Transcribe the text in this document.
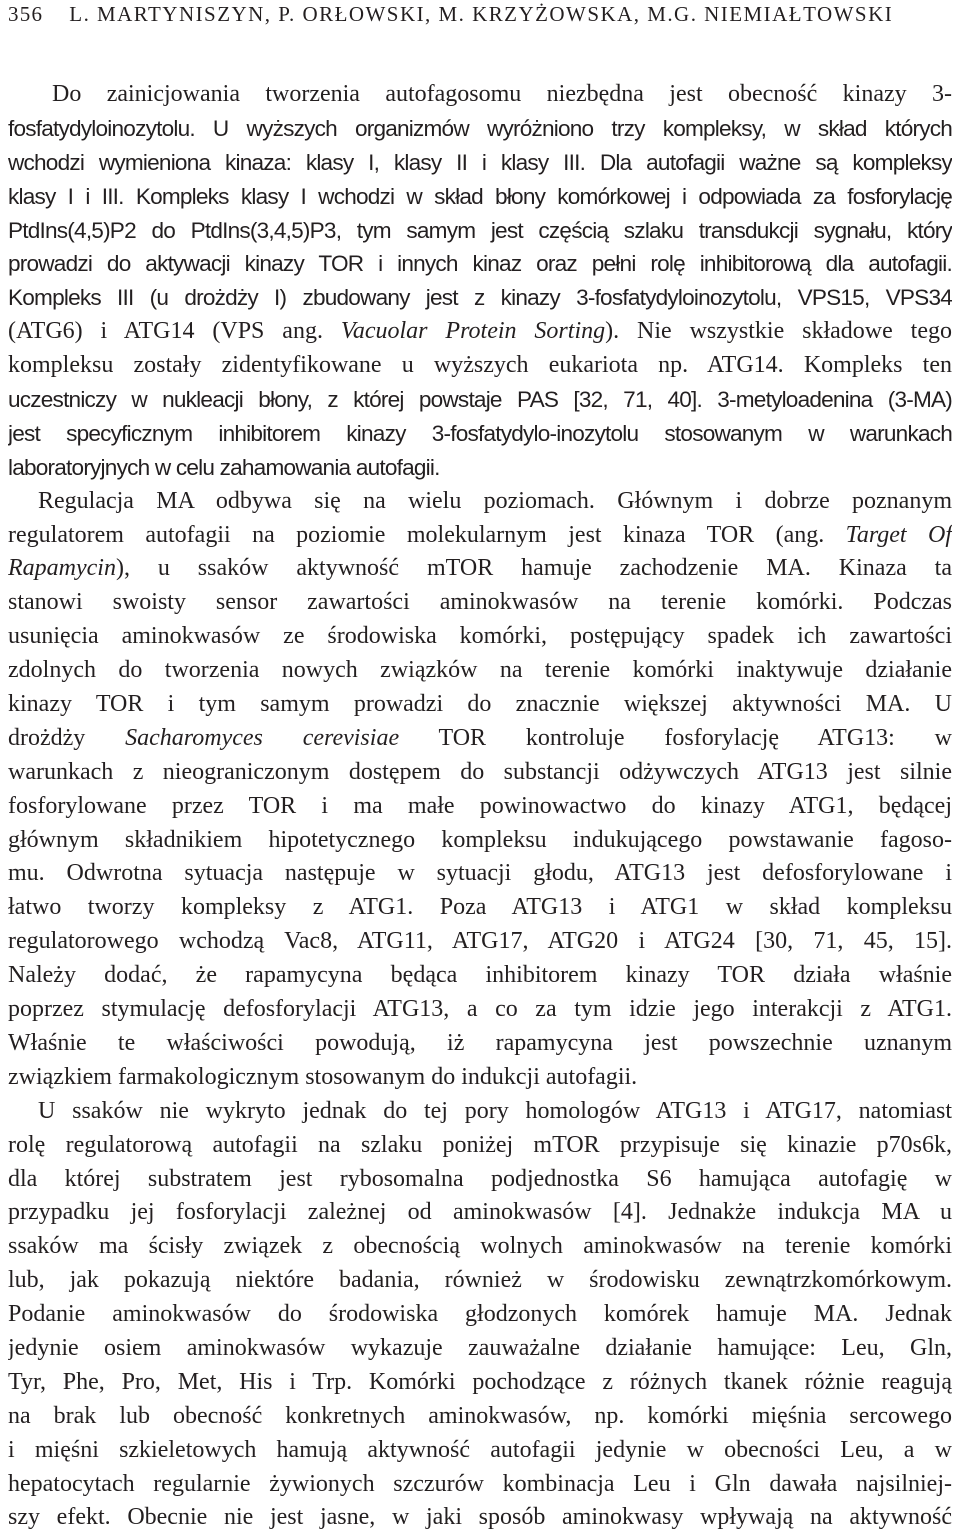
356 L. MARTYNISZYN, P. ORŁOWSKI, M. KRZYŻOWSKA, M.G. NIEMIAŁTOWSKI
Do zainicjowania tworzenia autofagosomu niezbędna jest obecność kinazy 3-
fosfatydyloinozytolu. U wyższych organizmów wyróżniono trzy kompleksy, w skład których
wchodzi wymieniona kinaza: klasy I, klasy II i klasy III. Dla autofagii ważne są kompleksy
klasy I i III. Kompleks klasy I wchodzi w skład błony komórkowej i odpowiada za fosforylację
PtdIns(4,5)P2 do PtdIns(3,4,5)P3, tym samym jest częścią szlaku transdukcji sygnału, który
prowadzi do aktywacji kinazy TOR i innych kinaz oraz pełni rolę inhibitorową dla autofagii.
Kompleks III (u drożdży I) zbudowany jest z kinazy 3-fosfatydyloinozytolu, VPS15, VPS34
(ATG6) i ATG14 (VPS ang. Vacuolar Protein Sorting). Nie wszystkie składowe tego
kompleksu zostały zidentyfikowane u wyższych eukariota np. ATG14. Kompleks ten
uczestniczy w nukleacji błony, z której powstaje PAS [32, 71, 40]. 3-metyloadenina (3-MA)
jest specyficznym inhibitorem kinazy 3-fosfatydylo-inozytolu stosowanym w warunkach
laboratoryjnych w celu zahamowania autofagii.
Regulacja MA odbywa się na wielu poziomach. Głównym i dobrze poznanym
regulatorem autofagii na poziomie molekularnym jest kinaza TOR (ang. Target Of
Rapamycin), u ssaków aktywność mTOR hamuje zachodzenie MA. Kinaza ta
stanowi swoisty sensor zawartości aminokwasów na terenie komórki. Podczas
usunięcia aminokwasów ze środowiska komórki, postępujący spadek ich zawartości
zdolnych do tworzenia nowych związków na terenie komórki inaktywuje działanie
kinazy TOR i tym samym prowadzi do znacznie większej aktywności MA. U
drożdży Sacharomyces cerevisiae TOR kontroluje fosforylację ATG13: w
warunkach z nieograniczonym dostępem do substancji odżywczych ATG13 jest silnie
fosforylowane przez TOR i ma małe powinowactwo do kinazy ATG1, będącej
głównym składnikiem hipotetycznego kompleksu indukującego powstawanie fagoso-
mu. Odwrotna sytuacja następuje w sytuacji głodu, ATG13 jest defosforylowane i
łatwo tworzy kompleksy z ATG1. Poza ATG13 i ATG1 w skład kompleksu
regulatorowego wchodzą Vac8, ATG11, ATG17, ATG20 i ATG24 [30, 71, 45, 15].
Należy dodać, że rapamycyna będąca inhibitorem kinazy TOR działa właśnie
poprzez stymulację defosforylacji ATG13, a co za tym idzie jego interakcji z ATG1.
Właśnie te właściwości powodują, iż rapamycyna jest powszechnie uznanym
związkiem farmakologicznym stosowanym do indukcji autofagii.
U ssaków nie wykryto jednak do tej pory homologów ATG13 i ATG17, natomiast
rolę regulatorową autofagii na szlaku poniżej mTOR przypisuje się kinazie p70s6k,
dla której substratem jest rybosomalna podjednostka S6 hamująca autofagię w
przypadku jej fosforylacji zależnej od aminokwasów [4]. Jednakże indukcja MA u
ssaków ma ścisły związek z obecnością wolnych aminokwasów na terenie komórki
lub, jak pokazują niektóre badania, również w środowisku zewnątrzkomórkowym.
Podanie aminokwasów do środowiska głodzonych komórek hamuje MA. Jednak
jedynie osiem aminokwasów wykazuje zauważalne działanie hamujące: Leu, Gln,
Tyr, Phe, Pro, Met, His i Trp. Komórki pochodzące z różnych tkanek różnie reagują
na brak lub obecność konkretnych aminokwasów, np. komórki mięśnia sercowego
i mięśni szkieletowych hamują aktywność autofagii jedynie w obecności Leu, a w
hepatocytach regularnie żywionych szczurów kombinacja Leu i Gln dawała najsilniej-
szy efekt. Obecnie nie jest jasne, w jaki sposób aminokwasy wpływają na aktywność
